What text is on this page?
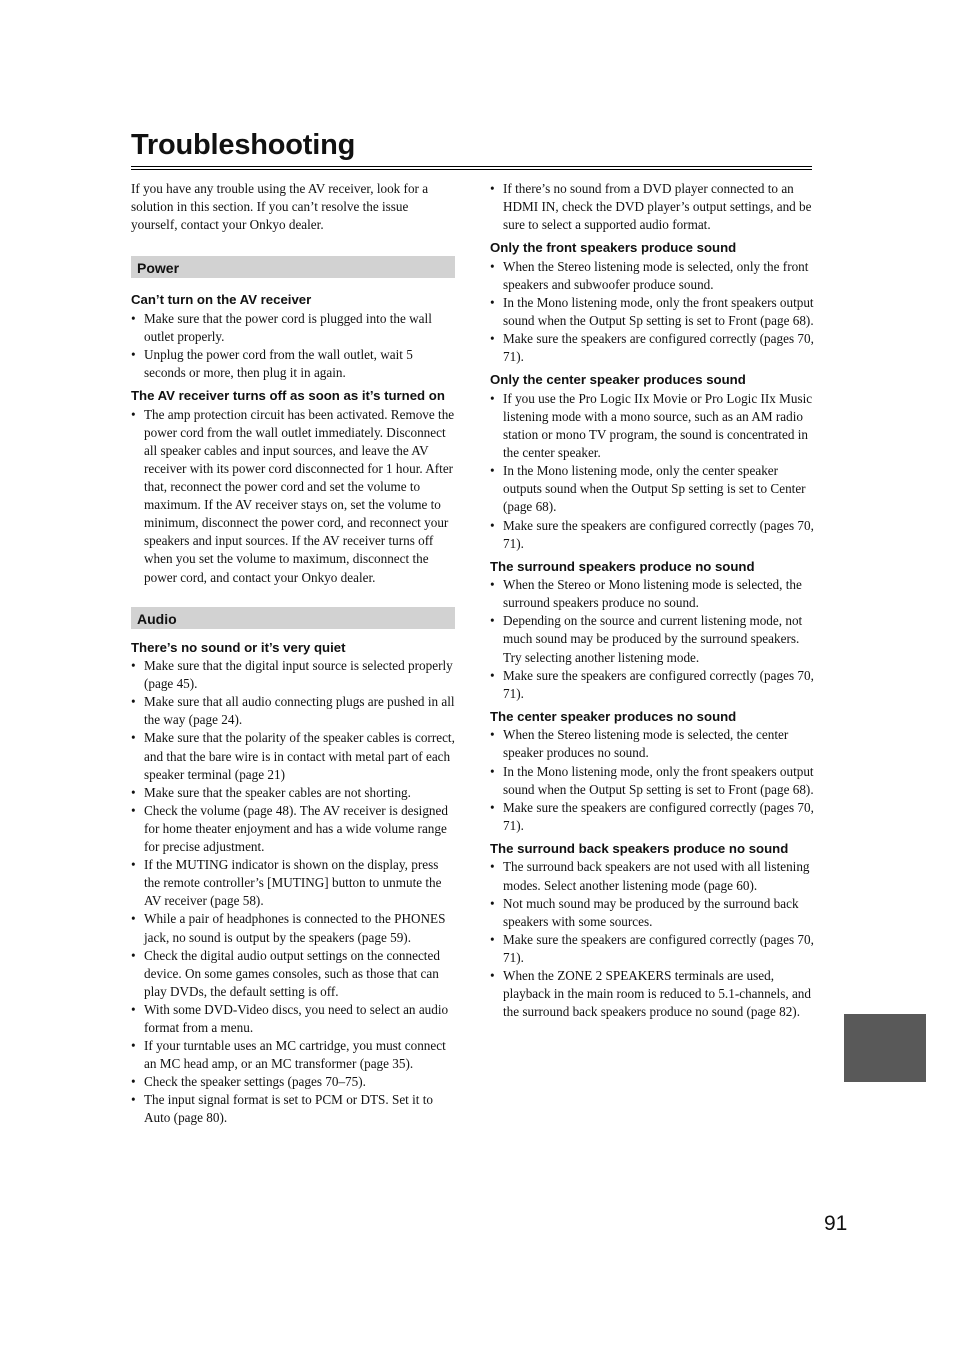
Troubleshooting

If you have any trouble using the AV receiver, look for a solution in this section. If you can’t resolve the issue yourself, contact your Onkyo dealer.

Power

Can’t turn on the AV receiver

• Make sure that the power cord is plugged into the wall outlet properly.
• Unplug the power cord from the wall outlet, wait 5 seconds or more, then plug it in again.

The AV receiver turns off as soon as it’s turned on

• The amp protection circuit has been activated. Remove the power cord from the wall outlet immediately. Disconnect all speaker cables and input sources, and leave the AV receiver with its power cord disconnected for 1 hour. After that, reconnect the power cord and set the volume to maximum. If the AV receiver stays on, set the volume to minimum, disconnect the power cord, and reconnect your speakers and input sources. If the AV receiver turns off when you set the volume to maximum, disconnect the power cord, and contact your Onkyo dealer.
Audio

There’s no sound or it’s very quiet

• Make sure that the digital input source is selected properly (page 45).
• Make sure that all audio connecting plugs are pushed in all the way (page 24).
• Make sure that the polarity of the speaker cables is correct, and that the bare wire is in contact with metal part of each speaker terminal (page 21)
• Make sure that the speaker cables are not shorting.
• Check the volume (page 48). The AV receiver is designed for home theater enjoyment and has a wide volume range for precise adjustment.
• If the MUTING indicator is shown on the display, press the remote controller’s [MUTING] button to unmute the AV receiver (page 58).
• While a pair of headphones is connected to the PHONES jack, no sound is output by the speakers (page 59).
• Check the digital audio output settings on the connected device. On some games consoles, such as those that can play DVDs, the default setting is off.
• With some DVD-Video discs, you need to select an audio format from a menu.
• If your turntable uses an MC cartridge, you must connect an MC head amp, or an MC transformer (page 35).
• Check the speaker settings (pages 70–75).
• The input signal format is set to PCM or DTS. Set it to Auto (page 80).
• If there’s no sound from a DVD player connected to an HDMI IN, check the DVD player’s output settings, and be sure to select a supported audio format.

Only the front speakers produce sound

• When the Stereo listening mode is selected, only the front speakers and subwoofer produce sound.
• In the Mono listening mode, only the front speakers output sound when the Output Sp setting is set to Front (page 68).
• Make sure the speakers are configured correctly (pages 70, 71).

Only the center speaker produces sound

• If you use the Pro Logic IIx Movie or Pro Logic IIx Music listening mode with a mono source, such as an AM radio station or mono TV program, the sound is concentrated in the center speaker.
• In the Mono listening mode, only the center speaker outputs sound when the Output Sp setting is set to Center (page 68).
• Make sure the speakers are configured correctly (pages 70, 71).

The surround speakers produce no sound

• When the Stereo or Mono listening mode is selected, the surround speakers produce no sound.
• Depending on the source and current listening mode, not much sound may be produced by the surround speakers. Try selecting another listening mode.
• Make sure the speakers are configured correctly (pages 70, 71).

The center speaker produces no sound

• When the Stereo listening mode is selected, the center speaker produces no sound.
• In the Mono listening mode, only the front speakers output sound when the Output Sp setting is set to Front (page 68).
• Make sure the speakers are configured correctly (pages 70, 71).

The surround back speakers produce no sound

• The surround back speakers are not used with all listening modes. Select another listening mode (page 60).
• Not much sound may be produced by the surround back speakers with some sources.
• Make sure the speakers are configured correctly (pages 70, 71).
• When the ZONE 2 SPEAKERS terminals are used, playback in the main room is reduced to 5.1-channels, and the surround back speakers produce no sound (page 82).
91
